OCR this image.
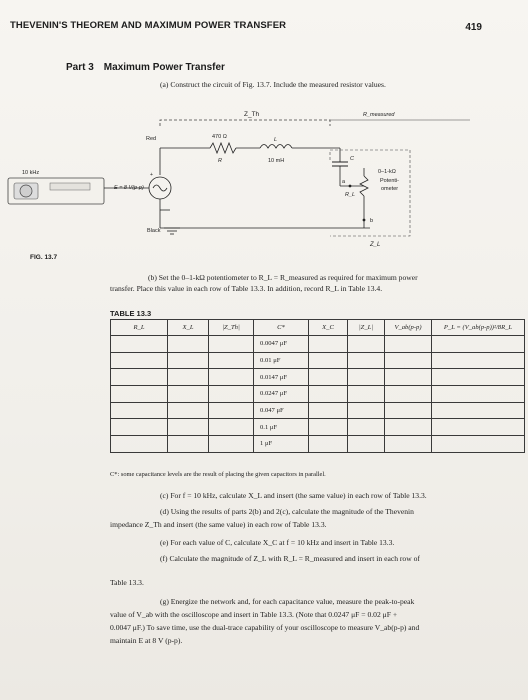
THEVENIN'S THEOREM AND MAXIMUM POWER TRANSFER	419
Part 3 Maximum Power Transfer
(a) Construct the circuit of Fig. 13.7. Include the measured resistor values.
Z_Th	R_measured
470 Ω
R
L
10 mH
Red
+
E = 8 V(p-p)
Black
C
a
R_L
0–1-kΩ
Potenti-
ometer
b
Z_L
10 kHz
FIG. 13.7
(b) Set the 0–1-kΩ potentiometer to R_L = R_measured as required for maximum power
transfer. Place this value in each row of Table 13.3. In addition, record R_L in Table 13.4.
TABLE 13.3
R_L	X_L	|Z_Th|	C*	X_C	|Z_L|	V_ab(p-p)	P_L = (V_ab(p-p))²/8R_L
			0.0047 μF				
			0.01 μF				
			0.0147 μF				
			0.0247 μF				
			0.047 μF				
			0.1 μF				
			1 μF				
C*: some capacitance levels are the result of placing the given capacitors in parallel.
(c) For f = 10 kHz, calculate X_L and insert (the same value) in each row of Table 13.3.
(d) Using the results of parts 2(b) and 2(c), calculate the magnitude of the Thevenin
impedance Z_Th and insert (the same value) in each row of Table 13.3.
(e) For each value of C, calculate X_C at f = 10 kHz and insert in Table 13.3.
(f) Calculate the magnitude of Z_L with R_L = R_measured and insert in each row of
Table 13.3.
(g) Energize the network and, for each capacitance value, measure the peak-to-peak
value of V_ab with the oscilloscope and insert in Table 13.3. (Note that 0.0247 μF = 0.02 μF +
0.0047 μF.) To save time, use the dual-trace capability of your oscilloscope to measure V_ab(p-p) and
maintain E at 8 V (p-p).
